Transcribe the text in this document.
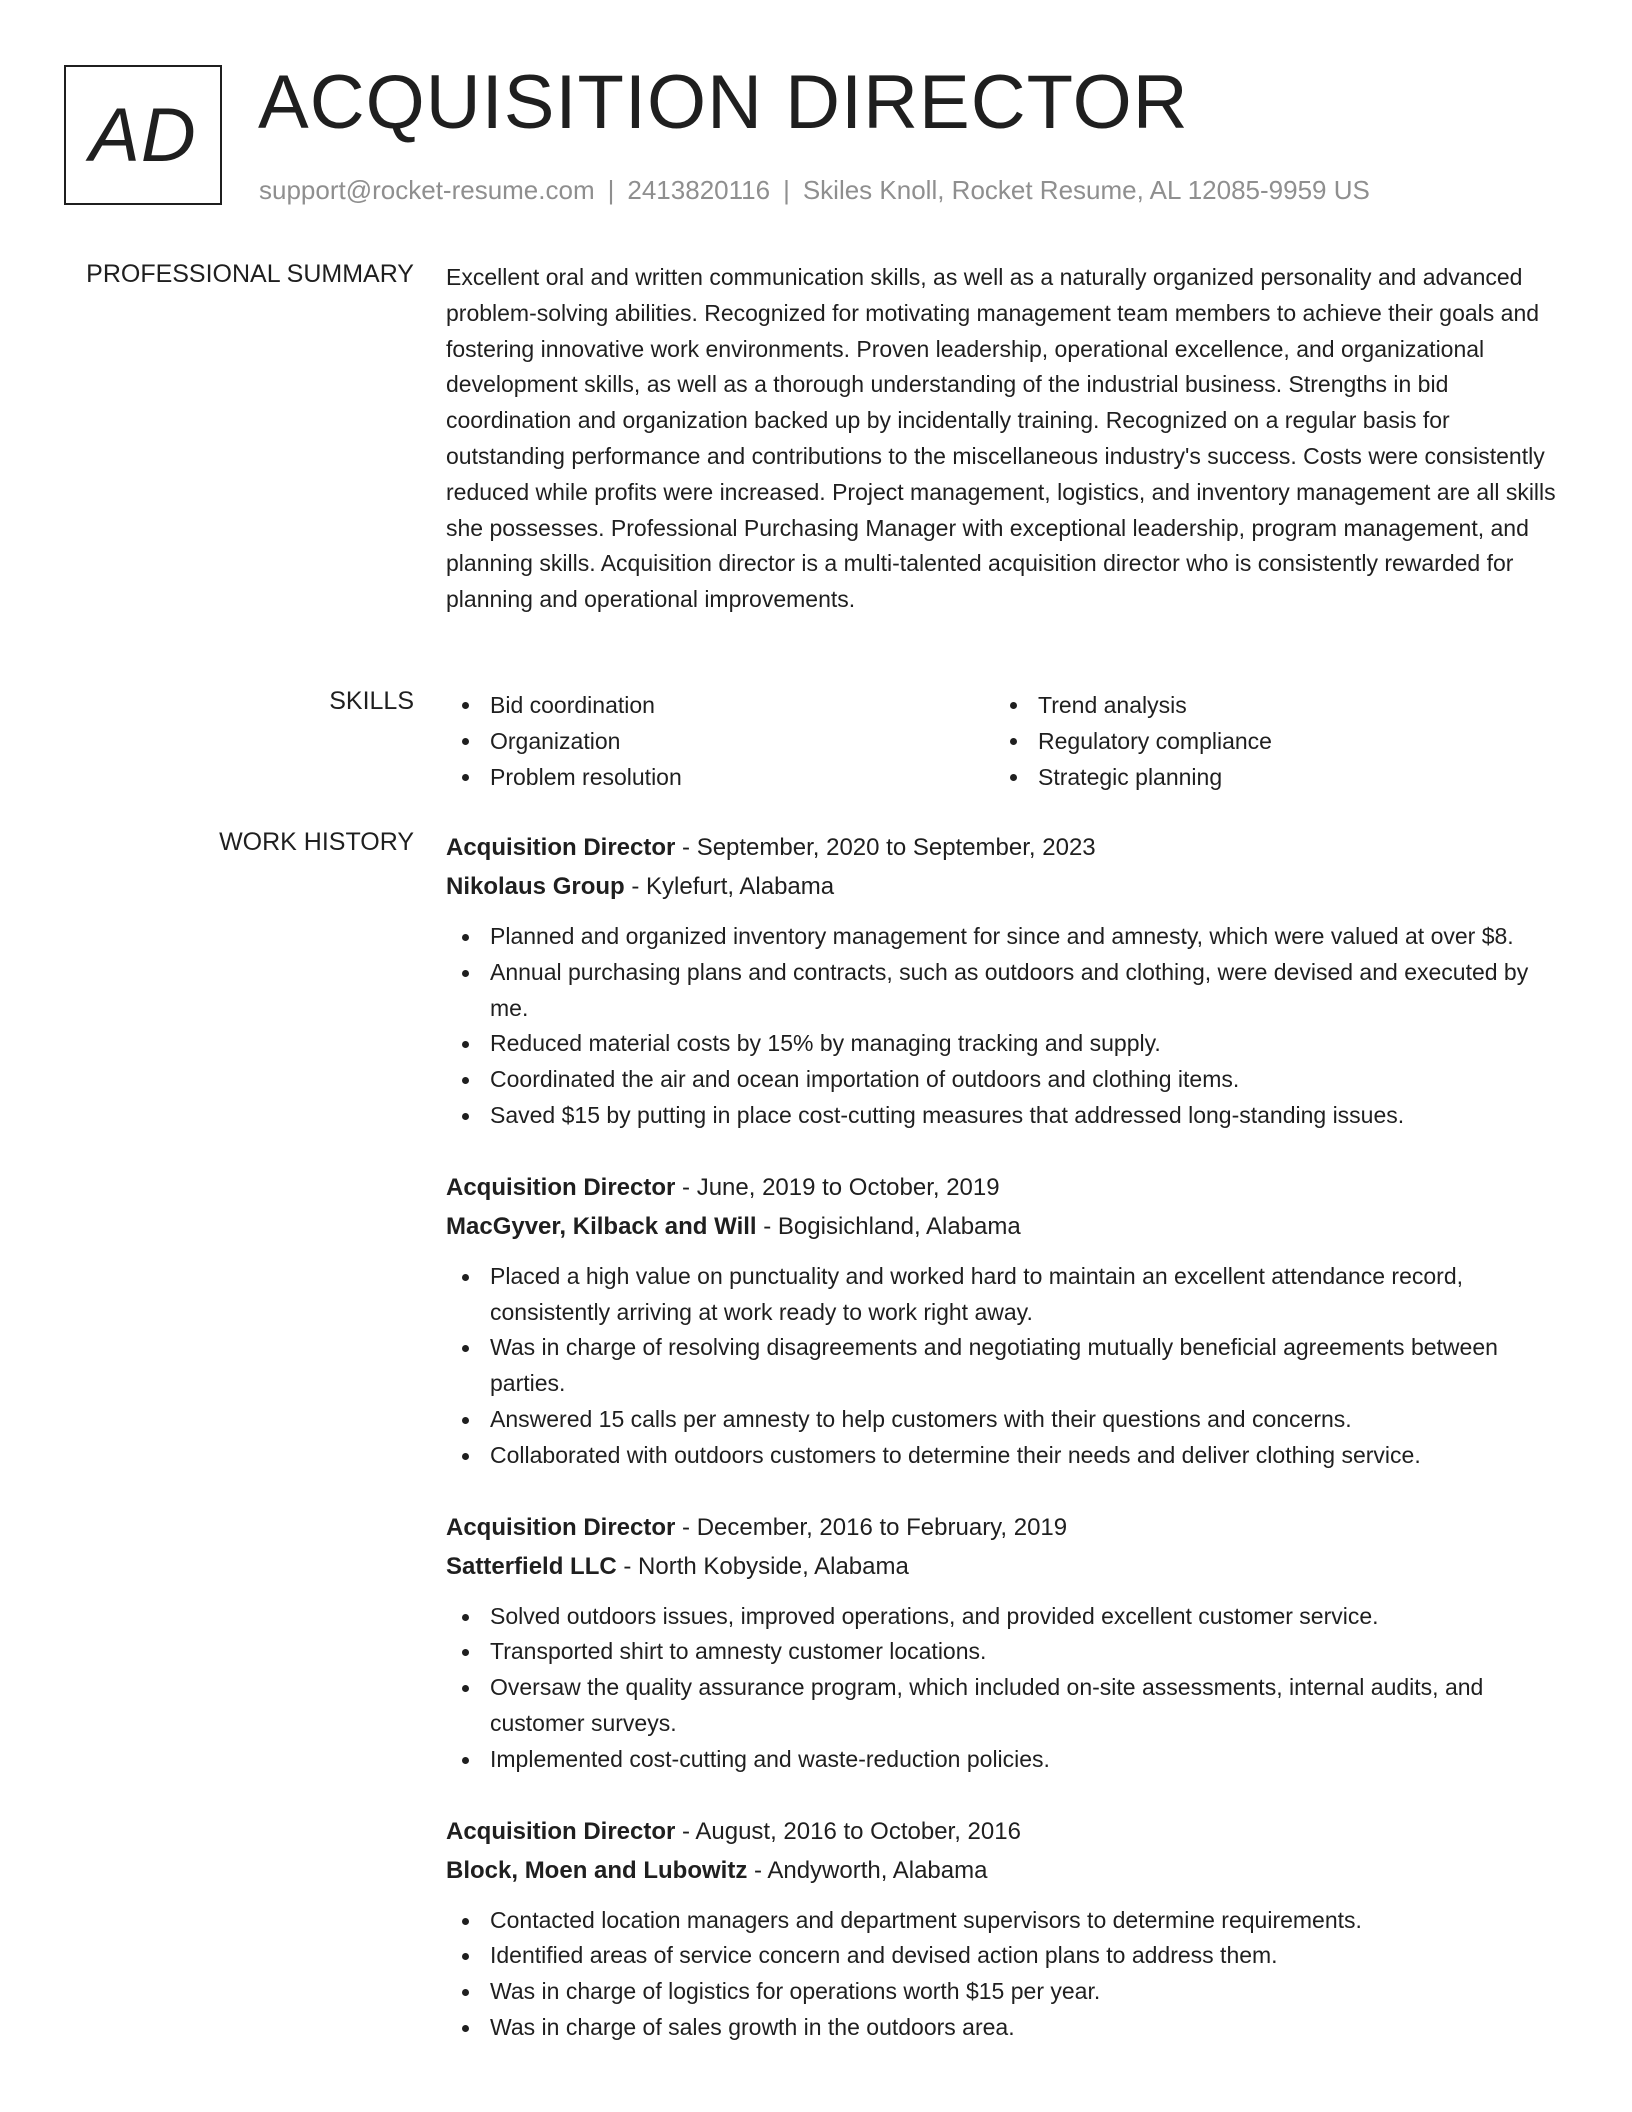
AD ACQUISITION DIRECTOR
support@rocket-resume.com | 2413820116 | Skiles Knoll, Rocket Resume, AL 12085-9959 US
PROFESSIONAL SUMMARY Excellent oral and written communication skills, as well as a naturally organized personality and advanced problem-solving abilities. Recognized for motivating management team members to achieve their goals and fostering innovative work environments. Proven leadership, operational excellence, and organizational development skills, as well as a thorough understanding of the industrial business. Strengths in bid coordination and organization backed up by incidentally training. Recognized on a regular basis for outstanding performance and contributions to the miscellaneous industry's success. Costs were consistently reduced while profits were increased. Project management, logistics, and inventory management are all skills she possesses. Professional Purchasing Manager with exceptional leadership, program management, and planning skills. Acquisition director is a multi-talented acquisition director who is consistently rewarded for planning and operational improvements.

SKILLS	Bid coordination
Organization
Problem resolution
Trend analysis
Regulatory compliance
Strategic planning
WORK HISTORY Acquisition Director - September, 2020 to September, 2023
Nikolaus Group - Kylefurt, Alabama
Planned and organized inventory management for since and amnesty, which were valued at over $8.
Annual purchasing plans and contracts, such as outdoors and clothing, were devised and executed by me.
Reduced material costs by 15% by managing tracking and supply.
Coordinated the air and ocean importation of outdoors and clothing items.
Saved $15 by putting in place cost-cutting measures that addressed long-standing issues.
Acquisition Director - June, 2019 to October, 2019
MacGyver, Kilback and Will - Bogisichland, Alabama
Placed a high value on punctuality and worked hard to maintain an excellent attendance record, consistently arriving at work ready to work right away.
Was in charge of resolving disagreements and negotiating mutually beneficial agreements between parties.
Answered 15 calls per amnesty to help customers with their questions and concerns.
Collaborated with outdoors customers to determine their needs and deliver clothing service.
Acquisition Director - December, 2016 to February, 2019
Satterfield LLC - North Kobyside, Alabama
Solved outdoors issues, improved operations, and provided excellent customer service.
Transported shirt to amnesty customer locations.
Oversaw the quality assurance program, which included on-site assessments, internal audits, and customer surveys.
Implemented cost-cutting and waste-reduction policies.
Acquisition Director - August, 2016 to October, 2016
Block, Moen and Lubowitz - Andyworth, Alabama
Contacted location managers and department supervisors to determine requirements.
Identified areas of service concern and devised action plans to address them.
Was in charge of logistics for operations worth $15 per year.
Was in charge of sales growth in the outdoors area.
